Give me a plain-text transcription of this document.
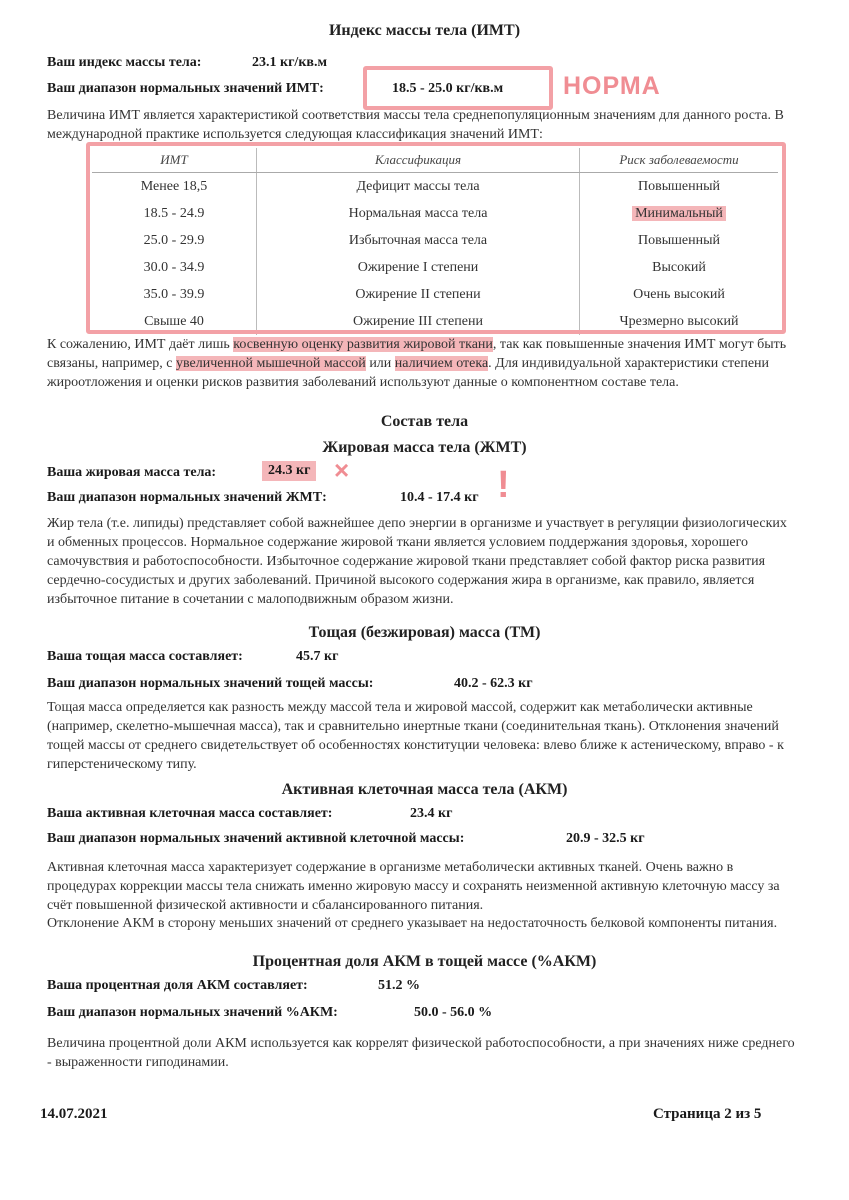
Индекс массы тела (ИМТ)
Ваш индекс массы тела:	23.1 кг/кв.м
Ваш диапазон нормальных значений ИМТ:	18.5 - 25.0 кг/кв.м НОРМА
Величина ИМТ является характеристикой соответствия массы тела среднепопуляционным значениям для данного роста. В международной практике используется следующая классификация значений ИМТ:
ИМТ	Классификация	Риск заболеваемости
Менее 18,5	Дефицит массы тела	Повышенный
18.5 - 24.9	Нормальная масса тела	Минимальный
25.0 - 29.9	Избыточная масса тела	Повышенный
30.0 - 34.9	Ожирение I степени	Высокий
35.0 - 39.9	Ожирение II степени	Очень высокий
Свыше 40	Ожирение III степени	Чрезмерно высокий
К сожалению, ИМТ даёт лишь косвенную оценку развития жировой ткани, так как повышенные значения ИМТ могут быть связаны, например, с увеличенной мышечной массой или наличием отека. Для индивидуальной характеристики степени жироотложения и оценки рисков развития заболеваний используют данные о компонентном составе тела.
Состав тела
Жировая масса тела (ЖМТ)
Ваша жировая масса тела:	24.3 кг ×
Ваш диапазон нормальных значений ЖМТ:	10.4 - 17.4 кг !
Жир тела (т.е. липиды) представляет собой важнейшее депо энергии в организме и участвует в регуляции физиологических и обменных процессов. Нормальное содержание жировой ткани является условием поддержания здоровья, хорошего самочувствия и работоспособности. Избыточное содержание жировой ткани представляет собой фактор риска развития сердечно-сосудистых и других заболеваний. Причиной высокого содержания жира в организме, как правило, является избыточное питание в сочетании с малоподвижным образом жизни.
Тощая (безжировая) масса (ТМ)
Ваша тощая масса составляет:	45.7 кг
Ваш диапазон нормальных значений тощей массы:	40.2 - 62.3 кг
Тощая масса определяется как разность между массой тела и жировой массой, содержит как метаболически активные (например, скелетно-мышечная масса), так и сравнительно инертные ткани (соединительная ткань). Отклонения значений тощей массы от среднего свидетельствует об особенностях конституции человека: влево ближе к астеническому, вправо - к гиперстеническому типу.
Активная клеточная масса тела (АКМ)
Ваша активная клеточная масса составляет:	23.4 кг
Ваш диапазон нормальных значений активной клеточной массы:	20.9 - 32.5 кг
Активная клеточная масса характеризует содержание в организме метаболически активных тканей. Очень важно в процедурах коррекции массы тела снижать именно жировую массу и сохранять неизменной активную клеточную массу за счёт повышенной физической активности и сбалансированного питания.
Отклонение АКМ в сторону меньших значений от среднего указывает на недостаточность белковой компоненты питания.
Процентная доля АКМ в тощей массе (%АКМ)
Ваша процентная доля АКМ составляет:	51.2 %
Ваш диапазон нормальных значений %АКМ:	50.0 - 56.0 %
Величина процентной доли АКМ используется как коррелят физической работоспособности, а при значениях ниже среднего - выраженности гиподинамии.
14.07.2021	Страница 2 из 5
